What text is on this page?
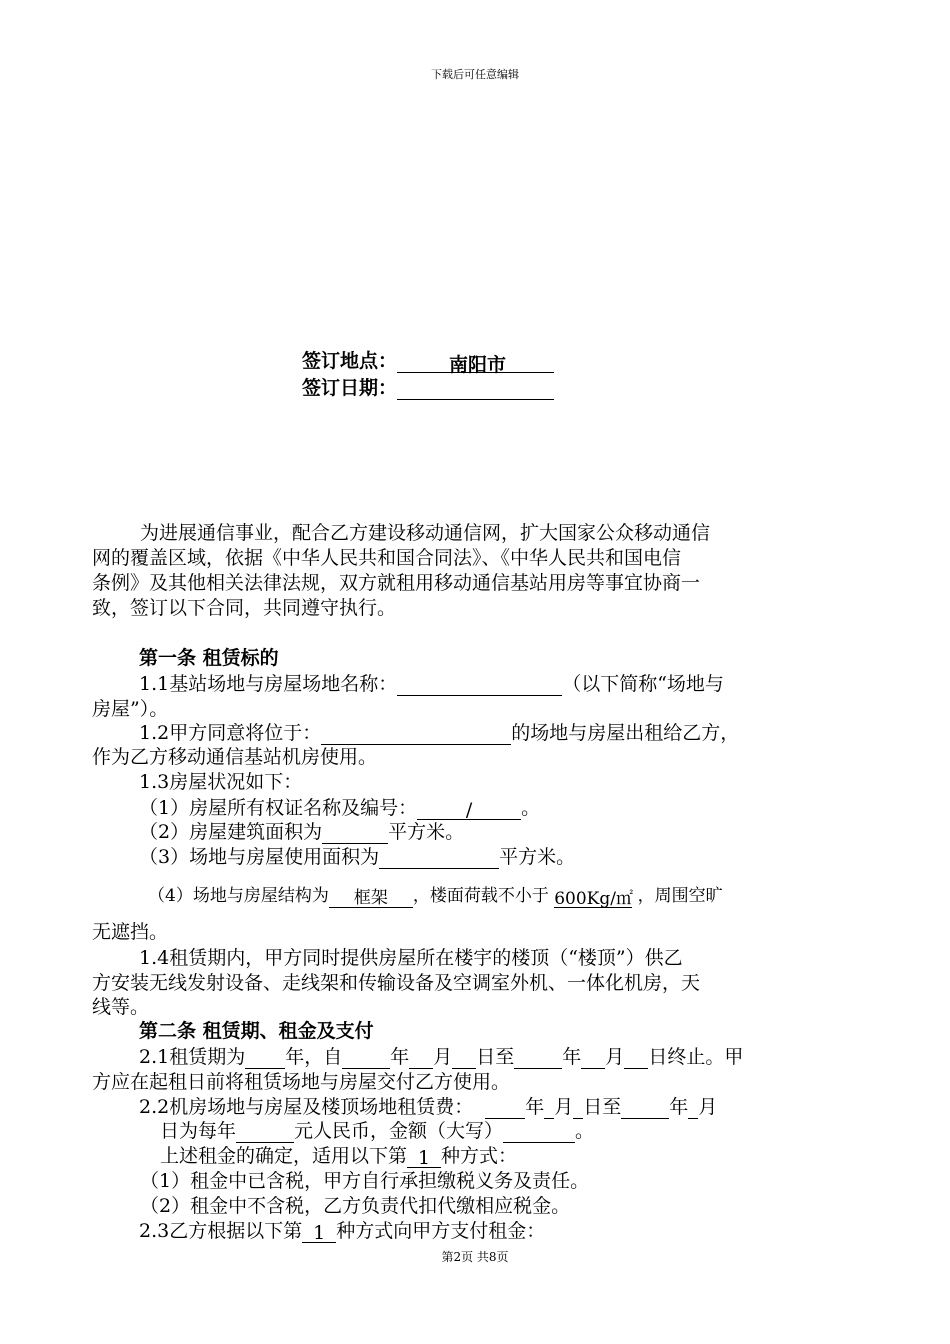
下载后可任意编辑
签订地点：	南阳市
签订日期：
为进展通信事业，配合乙方建设移动通信网，扩大国家公众移动通信
网的覆盖区域，依据《中华人民共和国合同法》、《中华人民共和国电信
条例》及其他相关法律法规，双方就租用移动通信基站用房等事宜协商一
致，签订以下合同，共同遵守执行。
第一条 租赁标的
1.1基站场地与房屋场地名称：	（以下简称“场地与
房屋”）。
1.2甲方同意将位于：	的场地与房屋出租给乙方，
作为乙方移动通信基站机房使用。
1.3房屋状况如下：
（1）房屋所有权证名称及编号：	/	。
（2）房屋建筑面积为	平方米。
（3）场地与房屋使用面积为	平方米。
（4）场地与房屋结构为 框架 ，楼面荷载不小于 600Kg/㎡ ，周围空旷
无遮挡。
1.4租赁期内，甲方同时提供房屋所在楼宇的楼顶（“楼顶”）供乙
方安装无线发射设备、走线架和传输设备及空调室外机、一体化机房，天
线等。
第二条 租赁期、租金及支付
2.1租赁期为 年，自	年 月 日至	年 月 日终止。甲
方应在起租日前将租赁场地与房屋交付乙方使用。
2.2机房场地与房屋及楼顶场地租赁费：	年 月 日至	年 月
日为每年	元人民币，金额（大写）	。
上述租金的确定，适用以下第 1 种方式：
（1）租金中已含税，甲方自行承担缴税义务及责任。
（2）租金中不含税，乙方负责代扣代缴相应税金。
2.3乙方根据以下第 1 种方式向甲方支付租金：
第2页 共8页
